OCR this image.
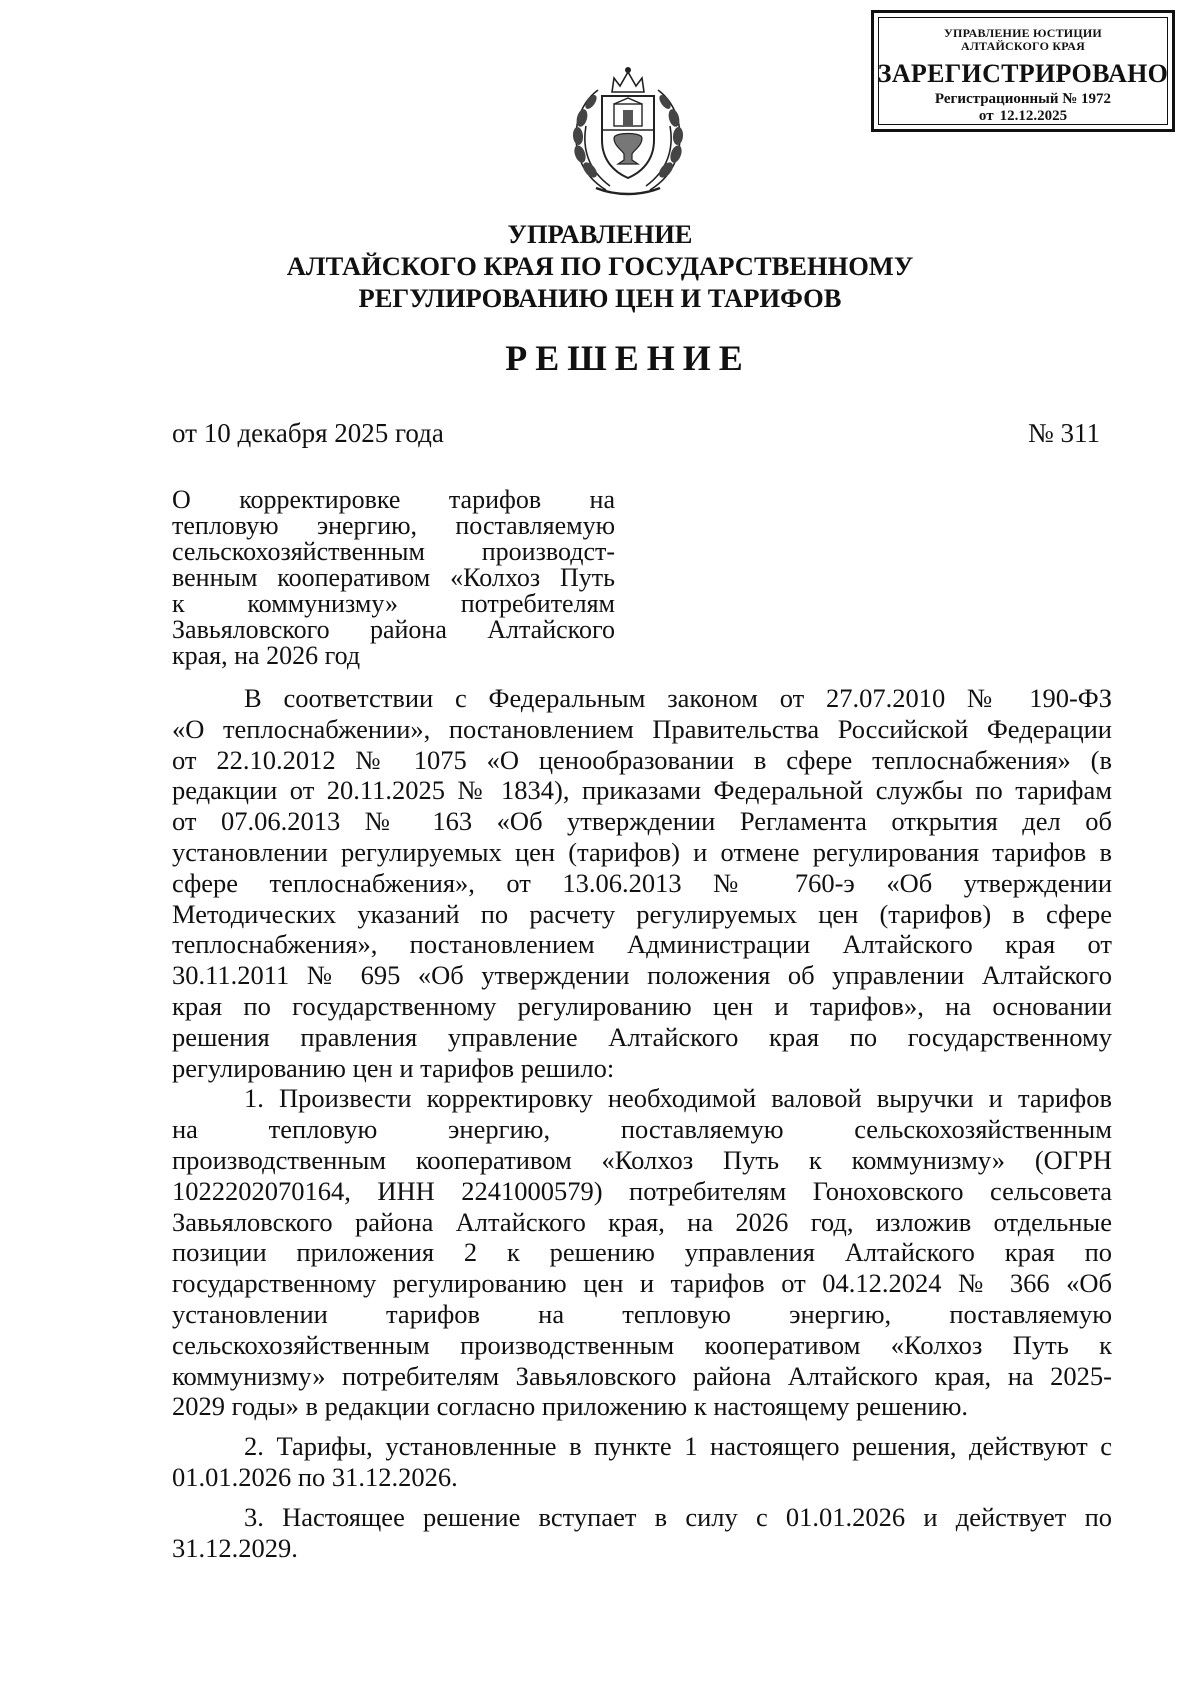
УПРАВЛЕНИЕ ЮСТИЦИИ
АЛТАЙСКОГО КРАЯ
ЗАРЕГИСТРИРОВАНО
Регистрационный № 1972
от 12.12.2025
УПРАВЛЕНИЕ
АЛТАЙСКОГО КРАЯ ПО ГОСУДАРСТВЕННОМУ
РЕГУЛИРОВАНИЮ ЦЕН И ТАРИФОВ
РЕШЕНИЕ
от 10 декабря 2025 года	№ 311
О корректировке тарифов на
тепловую энергию, поставляемую
сельскохозяйственным производст-
венным кооперативом «Колхоз Путь
к коммунизму» потребителям
Завьяловского района Алтайского
края, на 2026 год
В соответствии с Федеральным законом от 27.07.2010 № 190-ФЗ
«О теплоснабжении», постановлением Правительства Российской Федерации
от 22.10.2012 № 1075 «О ценообразовании в сфере теплоснабжения» (в
редакции от 20.11.2025 № 1834), приказами Федеральной службы по тарифам
от 07.06.2013 № 163 «Об утверждении Регламента открытия дел об
установлении регулируемых цен (тарифов) и отмене регулирования тарифов в
сфере теплоснабжения», от 13.06.2013 № 760-э «Об утверждении
Методических указаний по расчету регулируемых цен (тарифов) в сфере
теплоснабжения», постановлением Администрации Алтайского края от
30.11.2011 № 695 «Об утверждении положения об управлении Алтайского
края по государственному регулированию цен и тарифов», на основании
решения правления управление Алтайского края по государственному
регулированию цен и тарифов решило:
1. Произвести корректировку необходимой валовой выручки и тарифов
на тепловую энергию, поставляемую сельскохозяйственным
производственным кооперативом «Колхоз Путь к коммунизму» (ОГРН
1022202070164, ИНН 2241000579) потребителям Гоноховского сельсовета
Завьяловского района Алтайского края, на 2026 год, изложив отдельные
позиции приложения 2 к решению управления Алтайского края по
государственному регулированию цен и тарифов от 04.12.2024 № 366 «Об
установлении тарифов на тепловую энергию, поставляемую
сельскохозяйственным производственным кооперативом «Колхоз Путь к
коммунизму» потребителям Завьяловского района Алтайского края, на 2025-
2029 годы» в редакции согласно приложению к настоящему решению.
2. Тарифы, установленные в пункте 1 настоящего решения, действуют с
01.01.2026 по 31.12.2026.
3. Настоящее решение вступает в силу с 01.01.2026 и действует по
31.12.2029.
